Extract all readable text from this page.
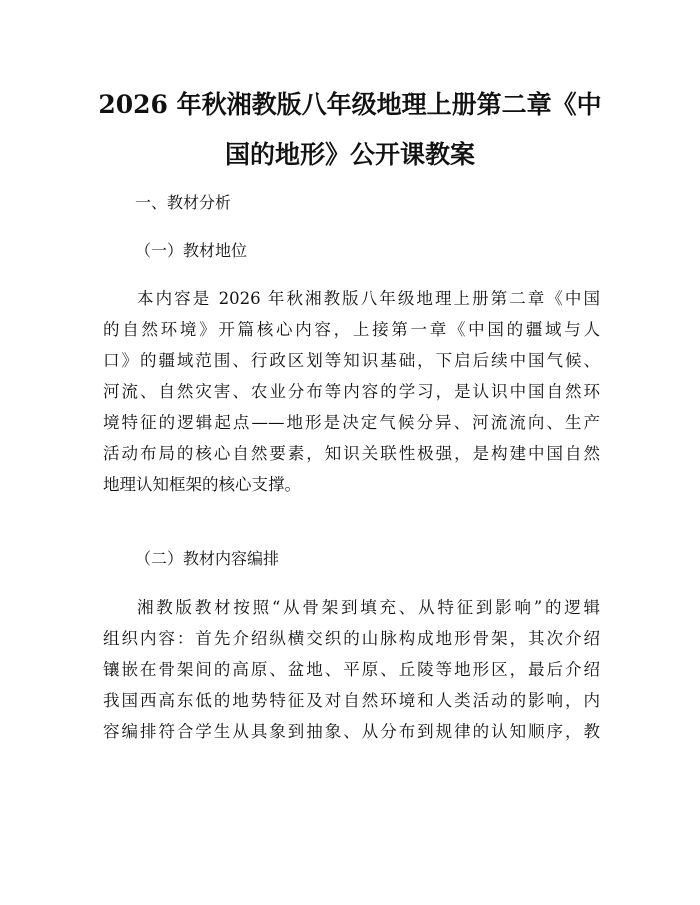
2026 年秋湘教版八年级地理上册第二章《中
国的地形》公开课教案

一、教材分析

（一）教材地位

本内容是 2026 年秋湘教版八年级地理上册第二章《中国
的自然环境》开篇核心内容，上接第一章《中国的疆域与人
口》的疆域范围、行政区划等知识基础，下启后续中国气候、
河流、自然灾害、农业分布等内容的学习，是认识中国自然环
境特征的逻辑起点——地形是决定气候分异、河流流向、生产
活动布局的核心自然要素，知识关联性极强，是构建中国自然
地理认知框架的核心支撑。

（二）教材内容编排

湘教版教材按照“从骨架到填充、从特征到影响”的逻辑
组织内容：首先介绍纵横交织的山脉构成地形骨架，其次介绍
镶嵌在骨架间的高原、盆地、平原、丘陵等地形区，最后介绍
我国西高东低的地势特征及对自然环境和人类活动的影响，内
容编排符合学生从具象到抽象、从分布到规律的认知顺序，教
